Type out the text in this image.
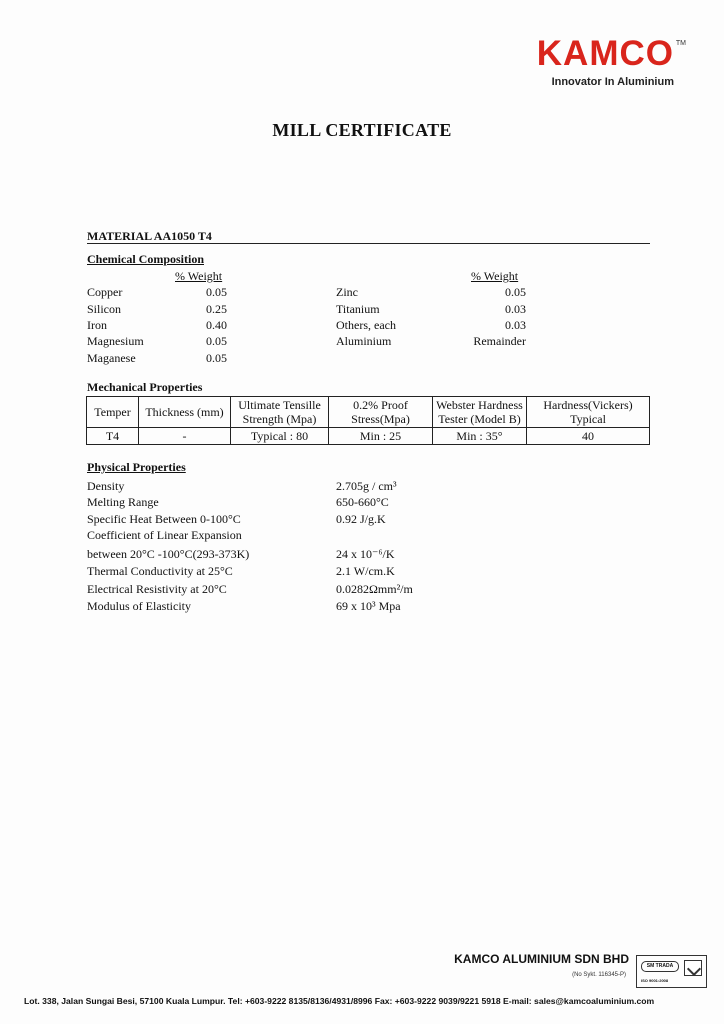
KAMCO TM
Innovator In Aluminium
MILL CERTIFICATE
MATERIAL AA1050 T4
Chemical Composition
% Weight	% Weight
Copper	0.05
Silicon	0.25
Iron	0.40
Magnesium	0.05
Maganese	0.05
Zinc	0.05
Titanium	0.03
Others, each	0.03
Aluminium	Remainder
Mechanical Properties
Temper	Thickness (mm)	Ultimate Tensille Strength (Mpa)	0.2% Proof Stress(Mpa)	Webster Hardness Tester (Model B)	Hardness(Vickers) Typical
T4	-	Typical : 80	Min : 25	Min : 35°	40
Physical Properties
Density	2.705g / cm³
Melting Range	650-660°C
Specific Heat Between 0-100°C	0.92 J/g.K
Coefficient of Linear Expansion
between 20°C -100°C(293-373K)	24 x 10⁻⁶/K
Thermal Conductivity at 25°C	2.1 W/cm.K
Electrical Resistivity at 20°C	0.0282Ωmm²/m
Modulus of Elasticity	69 x 10³ Mpa
KAMCO ALUMINIUM SDN BHD
(No Sykt. 116345-P)
SM TRADA
ISO 9001:2008
Lot. 338, Jalan Sungai Besi, 57100 Kuala Lumpur. Tel: +603-9222 8135/8136/4931/8996 Fax: +603-9222 9039/9221 5918 E-mail: sales@kamcoaluminium.com
